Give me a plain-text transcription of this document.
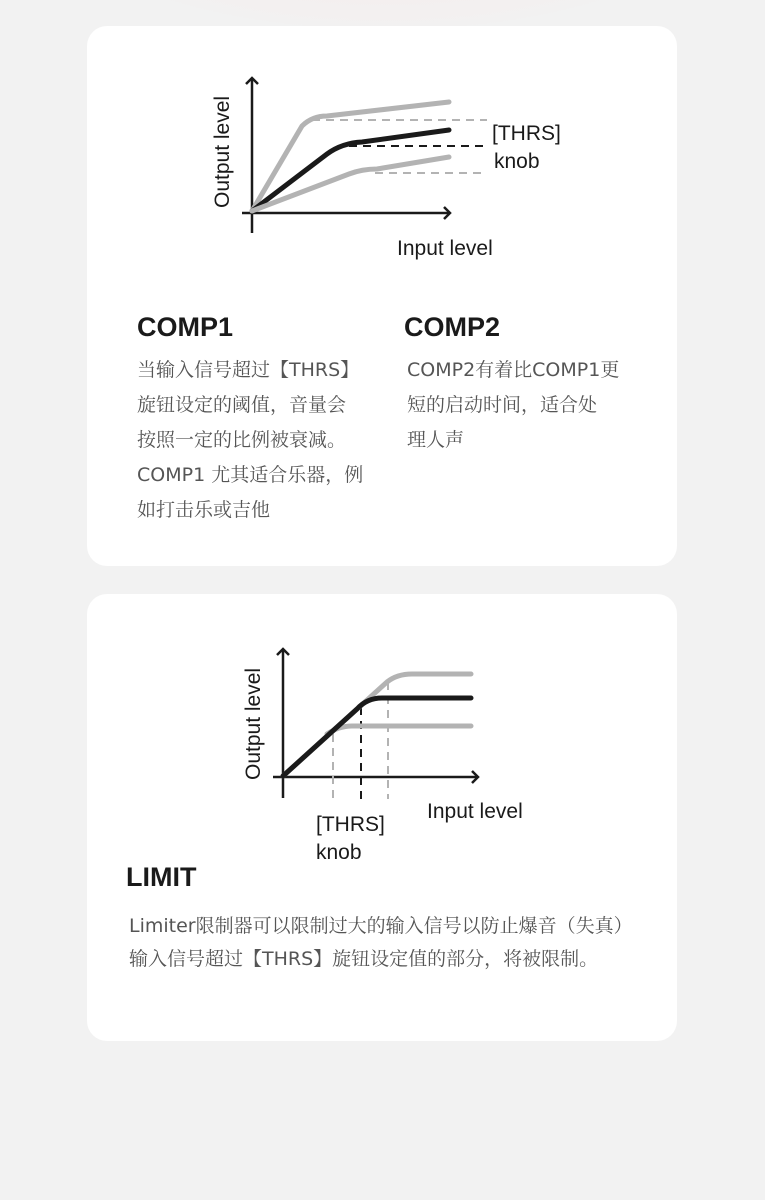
Output level
Input level
[THRS]
knob
COMP1
当输入信号超过【THRS】
旋钮设定的阈值，音量会
按照一定的比例被衰减。
COMP1 尤其适合乐器，例
如打击乐或吉他
COMP2
COMP2有着比COMP1更
短的启动时间，适合处
理人声
Output level
Input level
[THRS]
knob
LIMIT
Limiter限制器可以限制过大的输入信号以防止爆音（失真）
输入信号超过【THRS】旋钮设定值的部分，将被限制。
